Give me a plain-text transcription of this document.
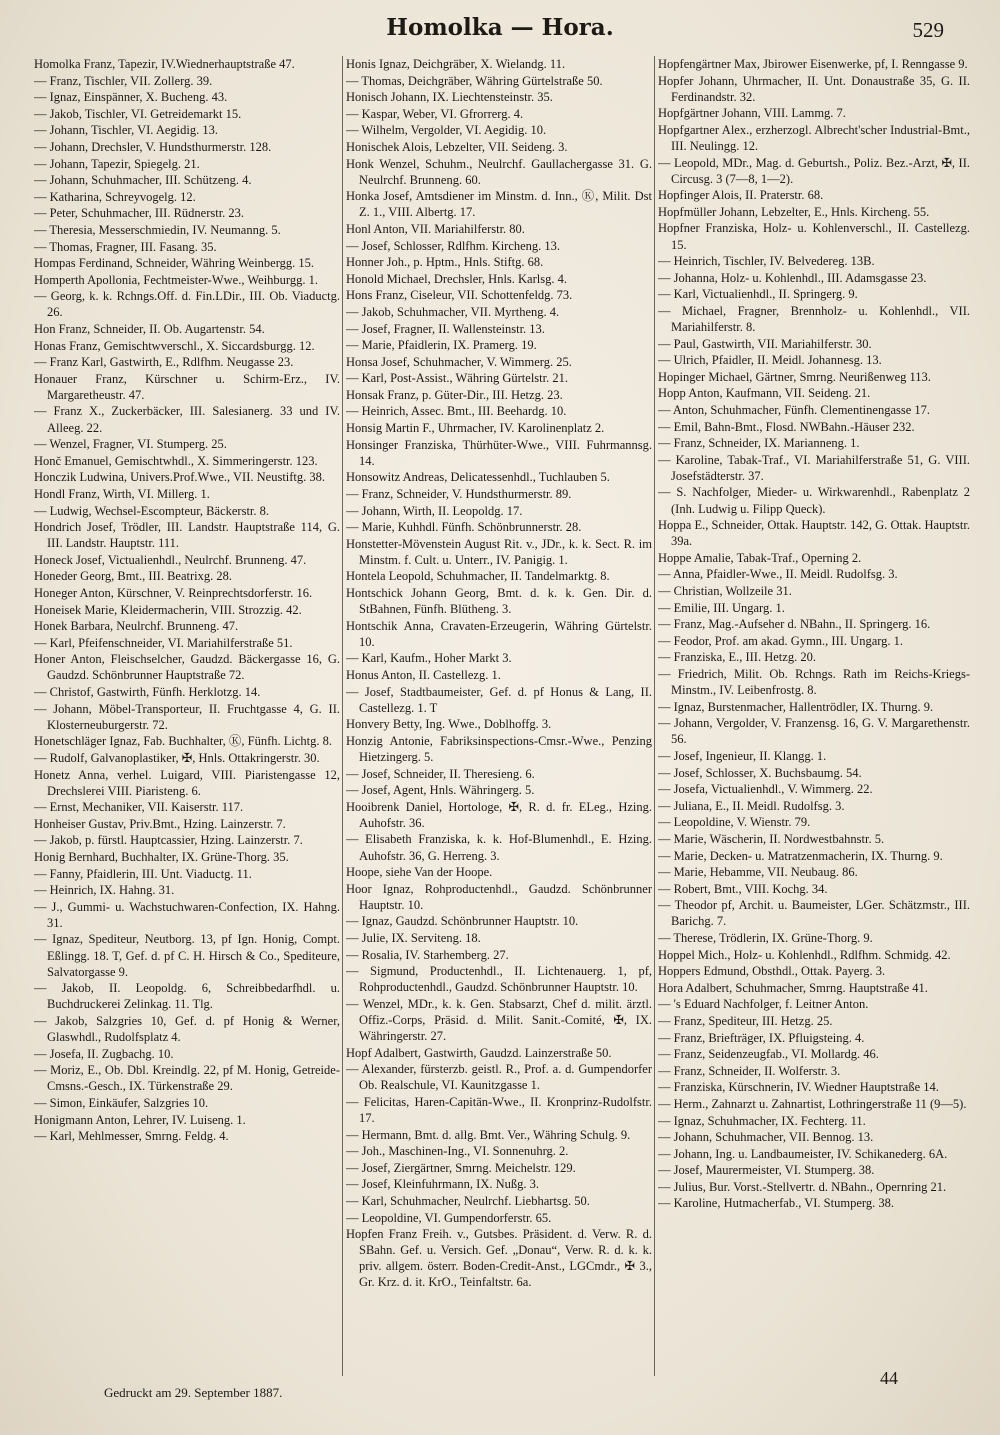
Homolka — Hora.	529
Homolka Franz, Tapezir, IV.Wiednerhauptstraße 47.
— Franz, Tischler, VII. Zollerg. 39.
— Ignaz, Einspänner, X. Bucheng. 43.
— Jakob, Tischler, VI. Getreidemarkt 15.
— Johann, Tischler, VI. Aegidig. 13.
— Johann, Drechsler, V. Hundsthurmerstr. 128.
— Johann, Tapezir, Spiegelg. 21.
— Johann, Schuhmacher, III. Schützeng. 4.
— Katharina, Schreyvogelg. 12.
— Peter, Schuhmacher, III. Rüdnerstr. 23.
— Theresia, Messerschmiedin, IV. Neumanng. 5.
— Thomas, Fragner, III. Fasang. 35.
Hompas Ferdinand, Schneider, Währing Weinbergg. 15.
Homperth Apollonia, Fechtmeister-Wwe., Weihburgg. 1.
— Georg, k. k. Rchngs.Off. d. Fin.LDir., III. Ob. Viaductg. 26.
Hon Franz, Schneider, II. Ob. Augartenstr. 54.
Honas Franz, Gemischtwverschl., X. Siccardsburgg. 12.
— Franz Karl, Gastwirth, E., Rdlfhm. Neugasse 23.
Honauer Franz, Kürschner u. Schirm-Erz., IV. Margaretheustr. 47.
— Franz X., Zuckerbäcker, III. Salesianerg. 33 und IV. Alleeg. 22.
— Wenzel, Fragner, VI. Stumperg. 25.
Honč Emanuel, Gemischtwhdl., X. Simmeringerstr. 123.
Honczik Ludwina, Univers.Prof.Wwe., VII. Neustiftg. 38.
Hondl Franz, Wirth, VI. Millerg. 1.
— Ludwig, Wechsel-Escompteur, Bäckerstr. 8.
Hondrich Josef, Trödler, III. Landstr. Hauptstraße 114, G. III. Landstr. Hauptstr. 111.
Honeck Josef, Victualienhdl., Neulrchf. Brunneng. 47.
Honeder Georg, Bmt., III. Beatrixg. 28.
Honeger Anton, Kürschner, V. Reinprechtsdorferstr. 16.
Honeisek Marie, Kleidermacherin, VIII. Strozzig. 42.
Honek Barbara, Neulrchf. Brunneng. 47.
— Karl, Pfeifenschneider, VI. Mariahilferstraße 51.
Honer Anton, Fleischselcher, Gaudzd. Bäckergasse 16, G. Gaudzd. Schönbrunner Hauptstraße 72.
— Christof, Gastwirth, Fünfh. Herklotzg. 14.
— Johann, Möbel-Transporteur, II. Fruchtgasse 4, G. II. Klosterneuburgerstr. 72.
Honetschläger Ignaz, Fab. Buchhalter, Ⓚ, Fünfh. Lichtg. 8.
— Rudolf, Galvanoplastiker, ✠, Hnls. Ottakringerstr. 30.
Honetz Anna, verhel. Luigard, VIII. Piaristengasse 12, Drechslerei VIII. Piaristeng. 6.
— Ernst, Mechaniker, VII. Kaiserstr. 117.
Honheiser Gustav, Priv.Bmt., Hzing. Lainzerstr. 7.
— Jakob, p. fürstl. Hauptcassier, Hzing. Lainzerstr. 7.
Honig Bernhard, Buchhalter, IX. Grüne-Thorg. 35.
— Fanny, Pfaidlerin, III. Unt. Viaductg. 11.
— Heinrich, IX. Hahng. 31.
— J., Gummi- u. Wachstuchwaren-Confection, IX. Hahng. 31.
— Ignaz, Spediteur, Neutborg. 13, pf Ign. Honig, Compt. Eßlingg. 18. T, Gef. d. pf C. H. Hirsch & Co., Spediteure, Salvatorgasse 9.
— Jakob, II. Leopoldg. 6, Schreibbedarfhdl. u. Buchdruckerei Zelinkag. 11. Tlg.
— Jakob, Salzgries 10, Gef. d. pf Honig & Werner, Glaswhdl., Rudolfsplatz 4.
— Josefa, II. Zugbachg. 10.
— Moriz, E., Ob. Dbl. Kreindlg. 22, pf M. Honig, Getreide-Cmsns.-Gesch., IX. Türkenstraße 29.
— Simon, Einkäufer, Salzgries 10.
Honigmann Anton, Lehrer, IV. Luiseng. 1.
— Karl, Mehlmesser, Smrng. Feldg. 4.
Honis Ignaz, Deichgräber, X. Wielandg. 11.
— Thomas, Deichgräber, Währing Gürtelstraße 50.
Honisch Johann, IX. Liechtensteinstr. 35.
— Kaspar, Weber, VI. Gfrorrerg. 4.
— Wilhelm, Vergolder, VI. Aegidig. 10.
Honischek Alois, Lebzelter, VII. Seideng. 3.
Honk Wenzel, Schuhm., Neulrchf. Gaullachergasse 31. G. Neulrchf. Brunneng. 60.
Honka Josef, Amtsdiener im Minstm. d. Inn., Ⓚ, Milit. Dst Z. 1., VIII. Albertg. 17.
Honl Anton, VII. Mariahilferstr. 80.
— Josef, Schlosser, Rdlfhm. Kircheng. 13.
Honner Joh., p. Hptm., Hnls. Stiftg. 68.
Honold Michael, Drechsler, Hnls. Karlsg. 4.
Hons Franz, Ciseleur, VII. Schottenfeldg. 73.
— Jakob, Schuhmacher, VII. Myrtheng. 4.
— Josef, Fragner, II. Wallensteinstr. 13.
— Marie, Pfaidlerin, IX. Pramerg. 19.
Honsa Josef, Schuhmacher, V. Wimmerg. 25.
— Karl, Post-Assist., Währing Gürtelstr. 21.
Honsak Franz, p. Güter-Dir., III. Hetzg. 23.
— Heinrich, Assec. Bmt., III. Beehardg. 10.
Honsig Martin F., Uhrmacher, IV. Karolinenplatz 2.
Honsinger Franziska, Thürhüter-Wwe., VIII. Fuhrmannsg. 14.
Honsowitz Andreas, Delicatessenhdl., Tuchlauben 5.
— Franz, Schneider, V. Hundsthurmerstr. 89.
— Johann, Wirth, II. Leopoldg. 17.
— Marie, Kuhhdl. Fünfh. Schönbrunnerstr. 28.
Honstetter-Mövenstein August Rit. v., JDr., k. k. Sect. R. im Minstm. f. Cult. u. Unterr., IV. Panigig. 1.
Hontela Leopold, Schuhmacher, II. Tandelmarktg. 8.
Hontschick Johann Georg, Bmt. d. k. k. Gen. Dir. d. StBahnen, Fünfh. Blütheng. 3.
Hontschik Anna, Cravaten-Erzeugerin, Währing Gürtelstr. 10.
— Karl, Kaufm., Hoher Markt 3.
Honus Anton, II. Castellezg. 1.
— Josef, Stadtbaumeister, Gef. d. pf Honus & Lang, II. Castellezg. 1. T
Honvery Betty, Ing. Wwe., Doblhoffg. 3.
Honzig Antonie, Fabriksinspections-Cmsr.-Wwe., Penzing Hietzingerg. 5.
— Josef, Schneider, II. Theresieng. 6.
— Josef, Agent, Hnls. Währingerg. 5.
Hooibrenk Daniel, Hortologe, ✠, R. d. fr. ELeg., Hzing. Auhofstr. 36.
— Elisabeth Franziska, k. k. Hof-Blumenhdl., E. Hzing. Auhofstr. 36, G. Herreng. 3.
Hoope, siehe Van der Hoope.
Hoor Ignaz, Rohproductenhdl., Gaudzd. Schönbrunner Hauptstr. 10.
— Ignaz, Gaudzd. Schönbrunner Hauptstr. 10.
— Julie, IX. Serviteng. 18.
— Rosalia, IV. Starhemberg. 27.
— Sigmund, Productenhdl., II. Lichtenauerg. 1, pf, Rohproductenhdl., Gaudzd. Schönbrunner Hauptstr. 10.
— Wenzel, MDr., k. k. Gen. Stabsarzt, Chef d. milit. ärztl. Offiz.-Corps, Präsid. d. Milit. Sanit.-Comité, ✠, IX. Währingerstr. 27.
Hopf Adalbert, Gastwirth, Gaudzd. Lainzerstraße 50.
— Alexander, fürsterzb. geistl. R., Prof. a. d. Gumpendorfer Ob. Realschule, VI. Kaunitzgasse 1.
— Felicitas, Haren-Capitän-Wwe., II. Kronprinz-Rudolfstr. 17.
— Hermann, Bmt. d. allg. Bmt. Ver., Währing Schulg. 9.
— Joh., Maschinen-Ing., VI. Sonnenuhrg. 2.
— Josef, Ziergärtner, Smrng. Meichelstr. 129.
— Josef, Kleinfuhrmann, IX. Nußg. 3.
— Karl, Schuhmacher, Neulrchf. Liebhartsg. 50.
— Leopoldine, VI. Gumpendorferstr. 65.
Hopfen Franz Freih. v., Gutsbes. Präsident. d. Verw. R. d. SBahn. Gef. u. Versich. Gef. „Donau“, Verw. R. d. k. k. priv. allgem. österr. Boden-Credit-Anst., LGCmdr., ✠ 3., Gr. Krz. d. it. KrO., Teinfaltstr. 6a.
Hopfengärtner Max, Jbirower Eisenwerke, pf, I. Renngasse 9.
Hopfer Johann, Uhrmacher, II. Unt. Donaustraße 35, G. II. Ferdinandstr. 32.
Hopfgärtner Johann, VIII. Lammg. 7.
Hopfgartner Alex., erzherzogl. Albrecht'scher Industrial-Bmt., III. Neulingg. 12.
— Leopold, MDr., Mag. d. Geburtsh., Poliz. Bez.-Arzt, ✠, II. Circusg. 3 (7—8, 1—2).
Hopfinger Alois, II. Praterstr. 68.
Hopfmüller Johann, Lebzelter, E., Hnls. Kircheng. 55.
Hopfner Franziska, Holz- u. Kohlenverschl., II. Castellezg. 15.
— Heinrich, Tischler, IV. Belvedereg. 13B.
— Johanna, Holz- u. Kohlenhdl., III. Adamsgasse 23.
— Karl, Victualienhdl., II. Springerg. 9.
— Michael, Fragner, Brennholz- u. Kohlenhdl., VII. Mariahilferstr. 8.
— Paul, Gastwirth, VII. Mariahilferstr. 30.
— Ulrich, Pfaidler, II. Meidl. Johannesg. 13.
Hopinger Michael, Gärtner, Smrng. Neurißenweg 113.
Hopp Anton, Kaufmann, VII. Seideng. 21.
— Anton, Schuhmacher, Fünfh. Clementinengasse 17.
— Emil, Bahn-Bmt., Flosd. NWBahn.-Häuser 232.
— Franz, Schneider, IX. Marianneng. 1.
— Karoline, Tabak-Traf., VI. Mariahilferstraße 51, G. VIII. Josefstädterstr. 37.
— S. Nachfolger, Mieder- u. Wirkwarenhdl., Rabenplatz 2 (Inh. Ludwig u. Filipp Queck).
Hoppa E., Schneider, Ottak. Hauptstr. 142, G. Ottak. Hauptstr. 39a.
Hoppe Amalie, Tabak-Traf., Operning 2.
— Anna, Pfaidler-Wwe., II. Meidl. Rudolfsg. 3.
— Christian, Wollzeile 31.
— Emilie, III. Ungarg. 1.
— Franz, Mag.-Aufseher d. NBahn., II. Springerg. 16.
— Feodor, Prof. am akad. Gymn., III. Ungarg. 1.
— Franziska, E., III. Hetzg. 20.
— Friedrich, Milit. Ob. Rchngs. Rath im Reichs-Kriegs-Minstm., IV. Leibenfrostg. 8.
— Ignaz, Burstenmacher, Hallentrödler, IX. Thurng. 9.
— Johann, Vergolder, V. Franzensg. 16, G. V. Margarethenstr. 56.
— Josef, Ingenieur, II. Klangg. 1.
— Josef, Schlosser, X. Buchsbaumg. 54.
— Josefa, Victualienhdl., V. Wimmerg. 22.
— Juliana, E., II. Meidl. Rudolfsg. 3.
— Leopoldine, V. Wienstr. 79.
— Marie, Wäscherin, II. Nordwestbahnstr. 5.
— Marie, Decken- u. Matratzenmacherin, IX. Thurng. 9.
— Marie, Hebamme, VII. Neubaug. 86.
— Robert, Bmt., VIII. Kochg. 34.
— Theodor pf, Archit. u. Baumeister, LGer. Schätzmstr., III. Barichg. 7.
— Therese, Trödlerin, IX. Grüne-Thorg. 9.
Hoppel Mich., Holz- u. Kohlenhdl., Rdlfhm. Schmidg. 42.
Hoppers Edmund, Obsthdl., Ottak. Payerg. 3.
Hora Adalbert, Schuhmacher, Smrng. Hauptstraße 41.
— 's Eduard Nachfolger, f. Leitner Anton.
— Franz, Spediteur, III. Hetzg. 25.
— Franz, Briefträger, IX. Pfluigsteing. 4.
— Franz, Seidenzeugfab., VI. Mollardg. 46.
— Franz, Schneider, II. Wolferstr. 3.
— Franziska, Kürschnerin, IV. Wiedner Hauptstraße 14.
— Herm., Zahnarzt u. Zahnartist, Lothringerstraße 11 (9—5).
— Ignaz, Schuhmacher, IX. Fechterg. 11.
— Johann, Schuhmacher, VII. Bennog. 13.
— Johann, Ing. u. Landbaumeister, IV. Schikanederg. 6A.
— Josef, Maurermeister, VI. Stumperg. 38.
— Julius, Bur. Vorst.-Stellvertr. d. NBahn., Opernring 21.
— Karoline, Hutmacherfab., VI. Stumperg. 38.
Gedruckt am 29. September 1887.
44
